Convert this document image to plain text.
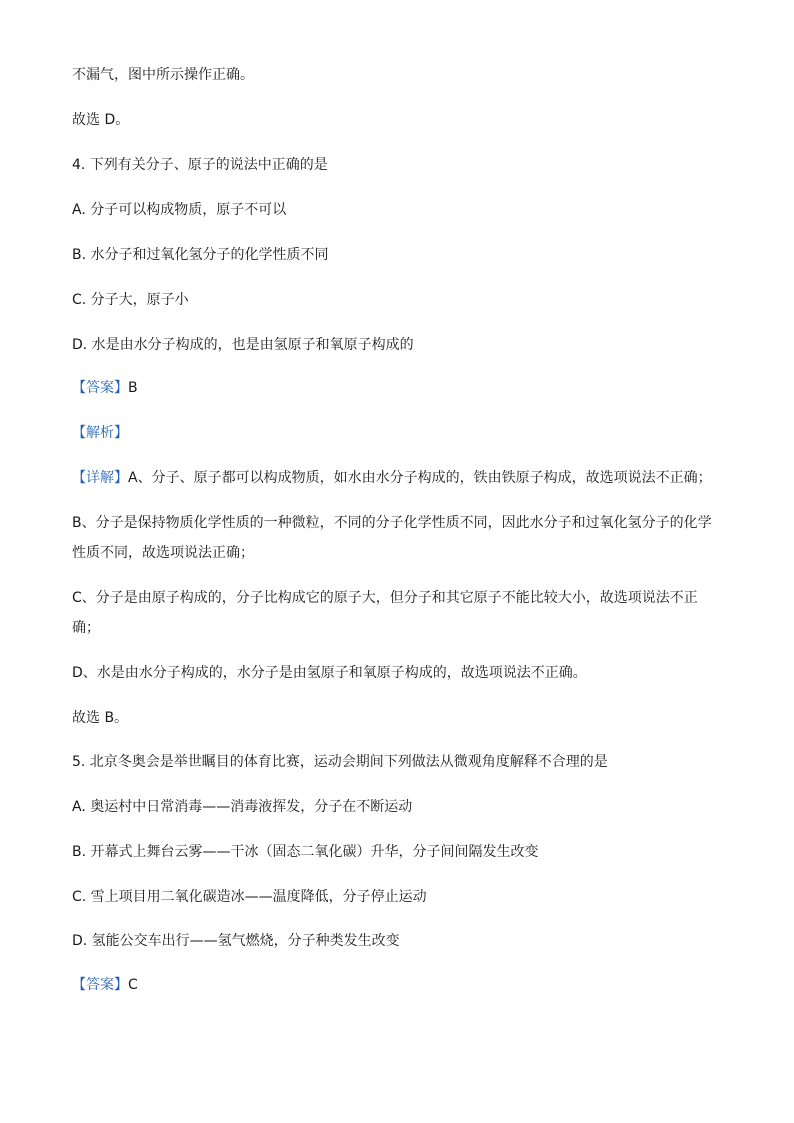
不漏气，图中所示操作正确。
故选 D。
4. 下列有关分子、原子的说法中正确的是
A. 分子可以构成物质，原子不可以
B. 水分子和过氧化氢分子的化学性质不同
C. 分子大，原子小
D. 水是由水分子构成的，也是由氢原子和氧原子构成的
【答案】B
【解析】
【详解】A、分子、原子都可以构成物质，如水由水分子构成的，铁由铁原子构成，故选项说法不正确；
B、分子是保持物质化学性质的一种微粒，不同的分子化学性质不同，因此水分子和过氧化氢分子的化学
性质不同，故选项说法正确；
C、分子是由原子构成的，分子比构成它的原子大，但分子和其它原子不能比较大小，故选项说法不正
确；
D、水是由水分子构成的，水分子是由氢原子和氧原子构成的，故选项说法不正确。
故选 B。
5. 北京冬奥会是举世瞩目的体育比赛，运动会期间下列做法从微观角度解释不合理的是
A. 奥运村中日常消毒——消毒液挥发，分子在不断运动
B. 开幕式上舞台云雾——干冰（固态二氧化碳）升华，分子间间隔发生改变
C. 雪上项目用二氧化碳造冰——温度降低，分子停止运动
D. 氢能公交车出行——氢气燃烧，分子种类发生改变
【答案】C
